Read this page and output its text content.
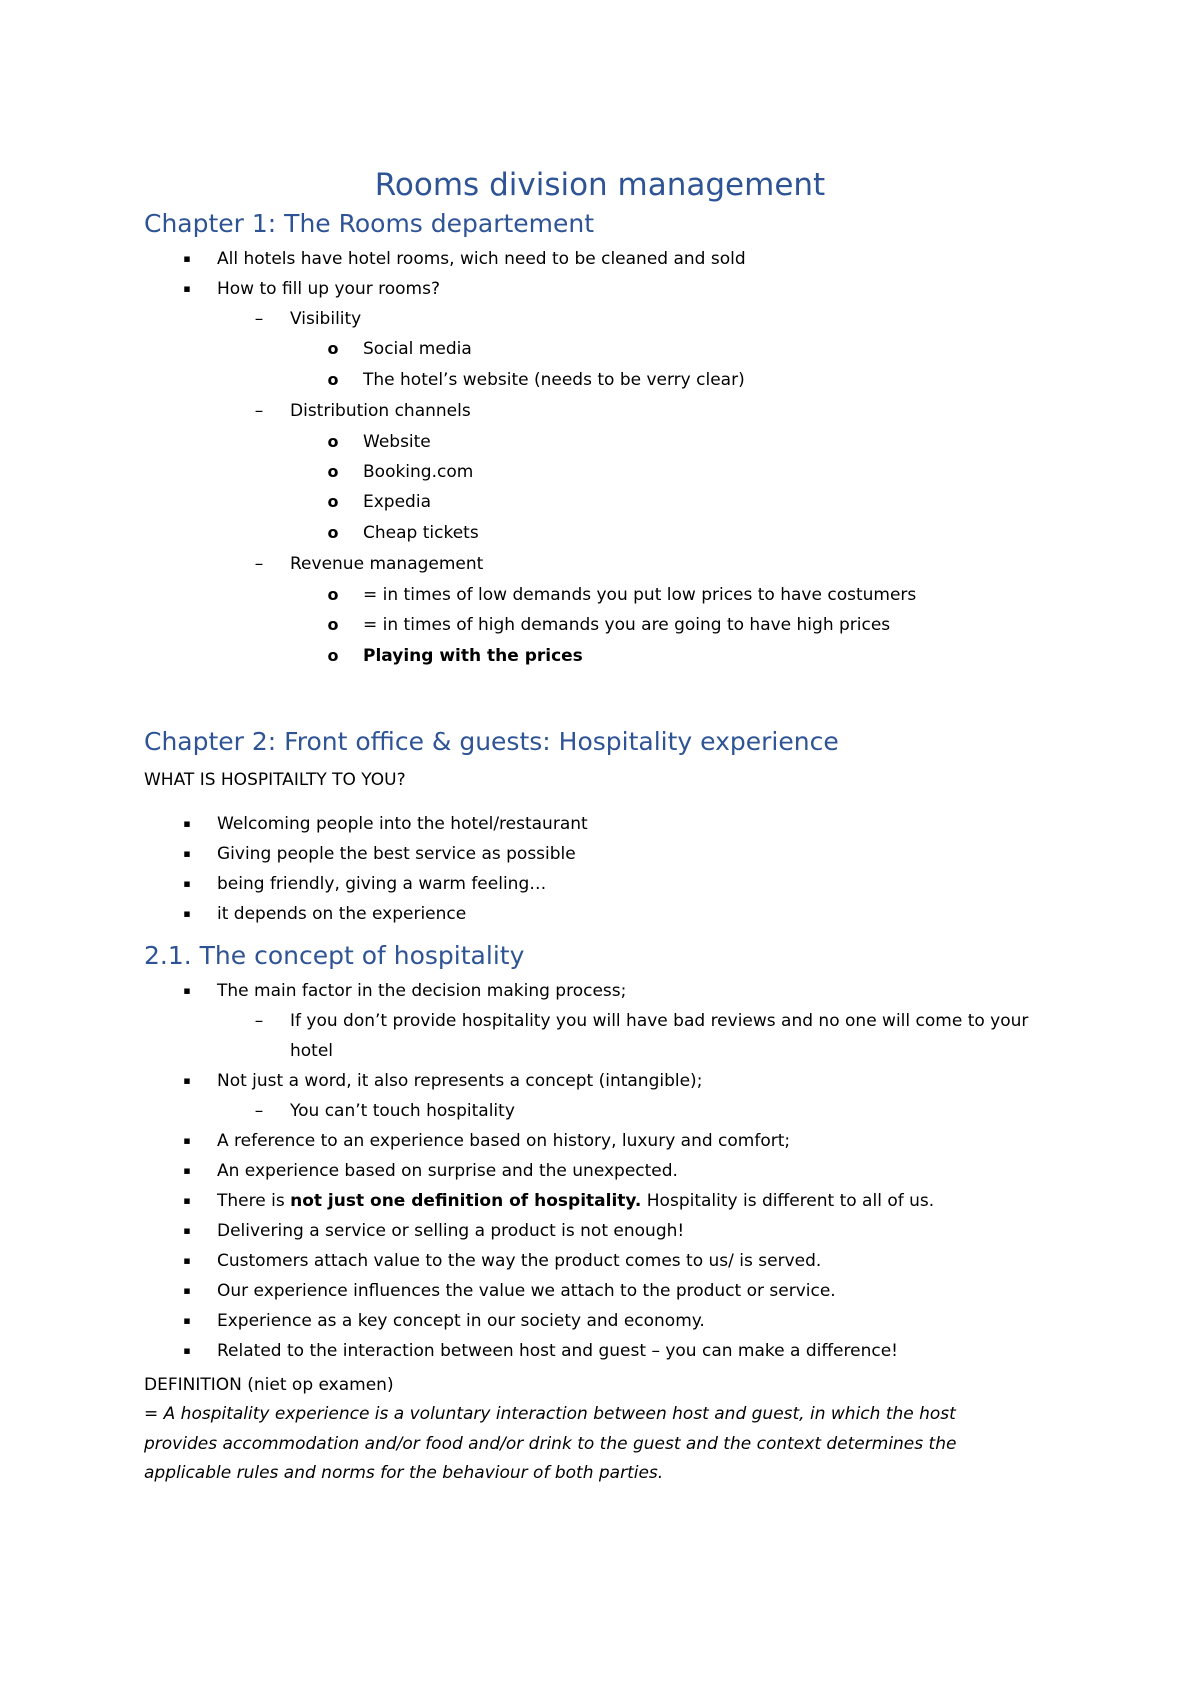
Rooms division management
Chapter 1: The Rooms departement
▪ All hotels have hotel rooms, wich need to be cleaned and sold
▪ How to fill up your rooms?
– Visibility
o Social media
o The hotel’s website (needs to be verry clear)
– Distribution channels
o Website
o Booking.com
o Expedia
o Cheap tickets
– Revenue management
o = in times of low demands you put low prices to have costumers
o = in times of high demands you are going to have high prices
o Playing with the prices
Chapter 2: Front office & guests: Hospitality experience
WHAT IS HOSPITAILTY TO YOU?
▪ Welcoming people into the hotel/restaurant
▪ Giving people the best service as possible
▪ being friendly, giving a warm feeling…
▪ it depends on the experience
2.1. The concept of hospitality
▪ The main factor in the decision making process;
– If you don’t provide hospitality you will have bad reviews and no one will come to your hotel
▪ Not just a word, it also represents a concept (intangible);
– You can’t touch hospitality
▪ A reference to an experience based on history, luxury and comfort;
▪ An experience based on surprise and the unexpected.
▪ There is not just one definition of hospitality. Hospitality is different to all of us.
▪ Delivering a service or selling a product is not enough!
▪ Customers attach value to the way the product comes to us/ is served.
▪ Our experience influences the value we attach to the product or service.
▪ Experience as a key concept in our society and economy.
▪ Related to the interaction between host and guest – you can make a difference!
DEFINITION (niet op examen)
= A hospitality experience is a voluntary interaction between host and guest, in which the host provides accommodation and/or food and/or drink to the guest and the context determines the applicable rules and norms for the behaviour of both parties.
